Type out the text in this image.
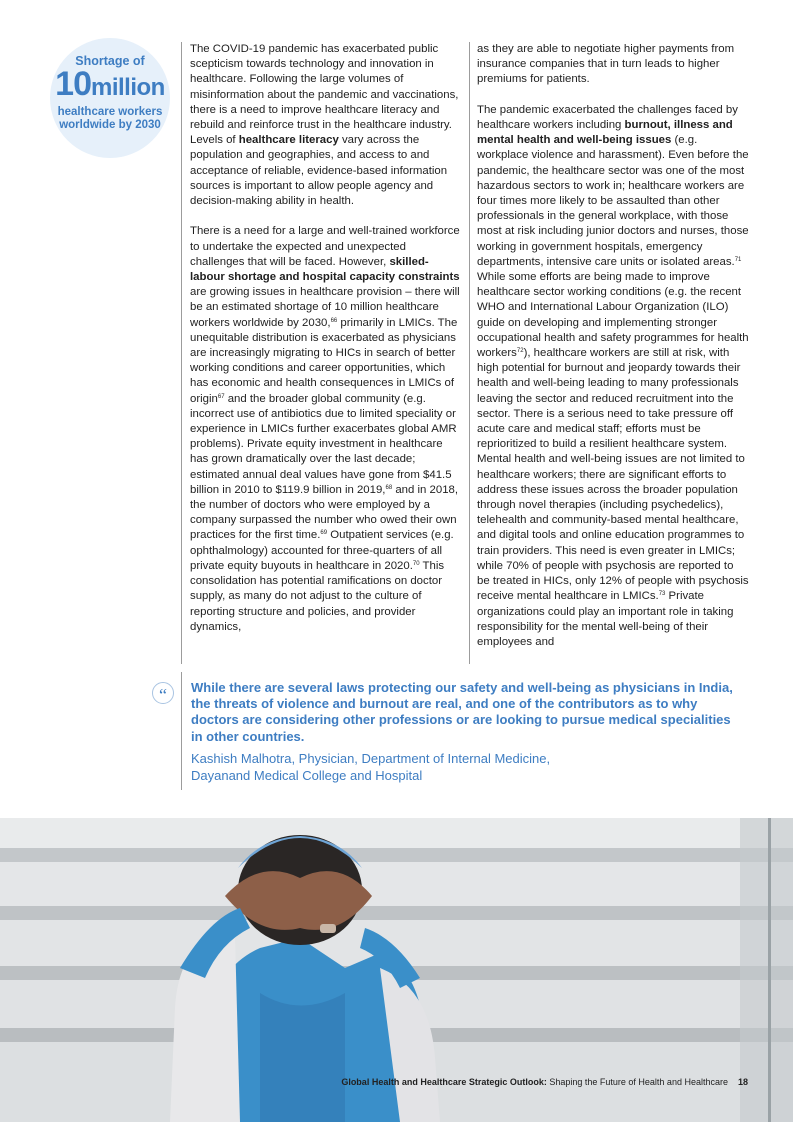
Shortage of
10million
healthcare workers worldwide by 2030

The COVID-19 pandemic has exacerbated public scepticism towards technology and innovation in healthcare. Following the large volumes of misinformation about the pandemic and vaccinations, there is a need to improve healthcare literacy and rebuild and reinforce trust in the healthcare industry. Levels of healthcare literacy vary across the population and geographies, and access to and acceptance of reliable, evidence-based information sources is important to allow people agency and decision-making ability in health.

There is a need for a large and well-trained workforce to undertake the expected and unexpected challenges that will be faced. However, skilled-labour shortage and hospital capacity constraints are growing issues in healthcare provision – there will be an estimated shortage of 10 million healthcare workers worldwide by 2030,66 primarily in LMICs. The unequitable distribution is exacerbated as physicians are increasingly migrating to HICs in search of better working conditions and career opportunities, which has economic and health consequences in LMICs of origin$^{67}$ and the broader global community (e.g. incorrect use of antibiotics due to limited speciality or experience in LMICs further exacerbates global AMR problems). Private equity investment in healthcare has grown dramatically over the last decade; estimated annual deal values have gone from $41.5 billion in 2010 to $119.9 billion in 2019,68 and in 2018, the number of doctors who were employed by a company surpassed the number who owed their own practices for the first time.$^{69}$ Outpatient services (e.g. ophthalmology) accounted for three-quarters of all private equity buyouts in healthcare in 2020.70 This consolidation has potential ramifications on doctor supply, as many do not adjust to the culture of reporting structure and policies, and provider dynamics,

as they are able to negotiate higher payments from insurance companies that in turn leads to higher premiums for patients.

The pandemic exacerbated the challenges faced by healthcare workers including burnout, illness and mental health and well-being issues (e.g. workplace violence and harassment). Even before the pandemic, the healthcare sector was one of the most hazardous sectors to work in; healthcare workers are four times more likely to be assaulted than other professionals in the general workplace, with those most at risk including junior doctors and nurses, those working in government hospitals, emergency departments, intensive care units or isolated areas.$^{71}$ While some efforts are being made to improve healthcare sector working conditions (e.g. the recent WHO and International Labour Organization (ILO) guide on developing and implementing stronger occupational health and safety programmes for health workers$^{72}$), healthcare workers are still at risk, with high potential for burnout and jeopardy towards their health and well-being leading to many professionals leaving the sector and reduced recruitment into the sector. There is a serious need to take pressure off acute care and medical staff; efforts must be reprioritized to build a resilient healthcare system. Mental health and well-being issues are not limited to healthcare workers; there are significant efforts to address these issues across the broader population through novel therapies (including psychedelics), telehealth and community-based mental healthcare, and digital tools and online education programmes to train providers. This need is even greater in LMICs; while 70% of people with psychosis are reported to be treated in HICs, only 12% of people with psychosis receive mental healthcare in LMICs.$^{73}$ Private organizations could play an important role in taking responsibility for the mental well-being of their employees and

“	While there are several laws protecting our safety and well-being as physicians in India, the threats of violence and burnout are real, and one of the contributors as to why doctors are considering other professions or are looking to pursue medical specialities in other countries.
Kashish Malhotra, Physician, Department of Internal Medicine,
Dayanand Medical College and Hospital
Global Health and Healthcare Strategic Outlook: Shaping the Future of Health and Healthcare 18
